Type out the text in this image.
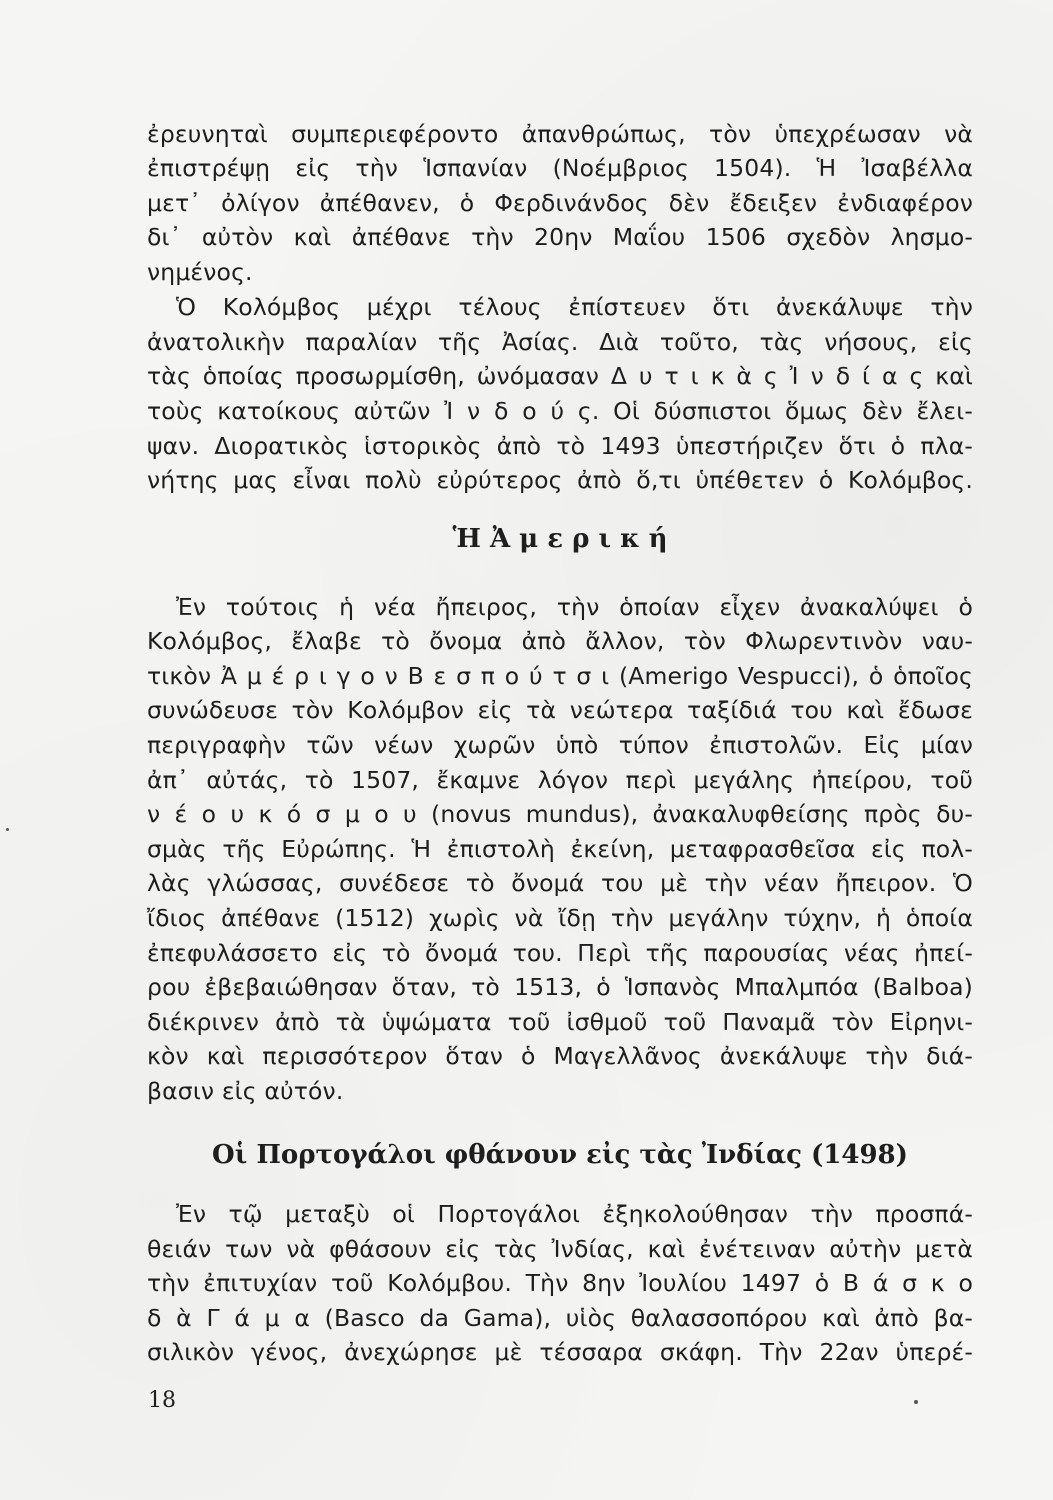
ἐρευνηταὶ συμπεριεφέροντο ἀπανθρώπως, τὸν ὑπεχρέωσαν νὰ
ἐπιστρέψῃ εἰς τὴν Ἱσπανίαν (Νοέμβριος 1504). Ἡ Ἰσαβέλλα
μετ᾿ ὀλίγον ἀπέθανεν, ὁ Φερδινάνδος δὲν ἔδειξεν ἐνδιαφέρον
δι᾿ αὐτὸν καὶ ἀπέθανε τὴν 20ην Μαΐου 1506 σχεδὸν λησμο-
νημένος.
Ὁ Κολόμβος μέχρι τέλους ἐπίστευεν ὅτι ἀνεκάλυψε τὴν
ἀνατολικὴν παραλίαν τῆς Ἀσίας. Διὰ τοῦτο, τὰς νήσους, εἰς
τὰς ὁποίας προσωρμίσθη, ὠνόμασαν Δ υ τ ι κ ὰ ς Ἰ ν δ ί α ς καὶ
τοὺς κατοίκους αὐτῶν Ἰ ν δ ο ύ ς. Οἱ δύσπιστοι ὅμως δὲν ἔλει-
ψαν. Διορατικὸς ἱστορικὸς ἀπὸ τὸ 1493 ὑπεστήριζεν ὅτι ὁ πλα-
νήτης μας εἶναι πολὺ εὐρύτερος ἀπὸ ὅ,τι ὑπέθετεν ὁ Κολόμβος.
Ἡ Ἀ μ ε ρ ι κ ή
Ἐν τούτοις ἡ νέα ἤπειρος, τὴν ὁποίαν εἶχεν ἀνακαλύψει ὁ
Κολόμβος, ἔλαβε τὸ ὄνομα ἀπὸ ἄλλον, τὸν Φλωρεντινὸν ναυ-
τικὸν Ἀ μ έ ρ ι γ ο ν Β ε σ π ο ύ τ σ ι (Amerigo Vespucci), ὁ ὁποῖος
συνώδευσε τὸν Κολόμβον εἰς τὰ νεώτερα ταξίδιά του καὶ ἔδωσε
περιγραφὴν τῶν νέων χωρῶν ὑπὸ τύπον ἐπιστολῶν. Εἰς μίαν
ἀπ᾿ αὐτάς, τὸ 1507, ἔκαμνε λόγον περὶ μεγάλης ἠπείρου, τοῦ
ν έ ο υ κ ό σ μ ο υ (novus mundus), ἀνακαλυφθείσης πρὸς δυ-
σμὰς τῆς Εὐρώπης. Ἡ ἐπιστολὴ ἐκείνη, μεταφρασθεῖσα εἰς πολ-
λὰς γλώσσας, συνέδεσε τὸ ὄνομά του μὲ τὴν νέαν ἤπειρον. Ὁ
ἴδιος ἀπέθανε (1512) χωρὶς νὰ ἴδῃ τὴν μεγάλην τύχην, ἡ ὁποία
ἐπεφυλάσσετο εἰς τὸ ὄνομά του. Περὶ τῆς παρουσίας νέας ἠπεί-
ρου ἐβεβαιώθησαν ὅταν, τὸ 1513, ὁ Ἱσπανὸς Μπαλμπόα (Balboa)
διέκρινεν ἀπὸ τὰ ὑψώματα τοῦ ἰσθμοῦ τοῦ Παναμᾶ τὸν Εἰρηνι-
κὸν καὶ περισσότερον ὅταν ὁ Μαγελλᾶνος ἀνεκάλυψε τὴν διά-
βασιν εἰς αὐτόν.
Οἱ Πορτογάλοι φθάνουν εἰς τὰς Ἰνδίας (1498)
Ἐν τῷ μεταξὺ οἱ Πορτογάλοι ἐξηκολούθησαν τὴν προσπά-
θειάν των νὰ φθάσουν εἰς τὰς Ἰνδίας, καὶ ἐνέτειναν αὐτὴν μετὰ
τὴν ἐπιτυχίαν τοῦ Κολόμβου. Τὴν 8ην Ἰουλίου 1497 ὁ Β ά σ κ ο
δ ὰ Γ ά μ α (Basco da Gama), υἱὸς θαλασσοπόρου καὶ ἀπὸ βα-
σιλικὸν γένος, ἀνεχώρησε μὲ τέσσαρα σκάφη. Τὴν 22αν ὑπερέ-
18
